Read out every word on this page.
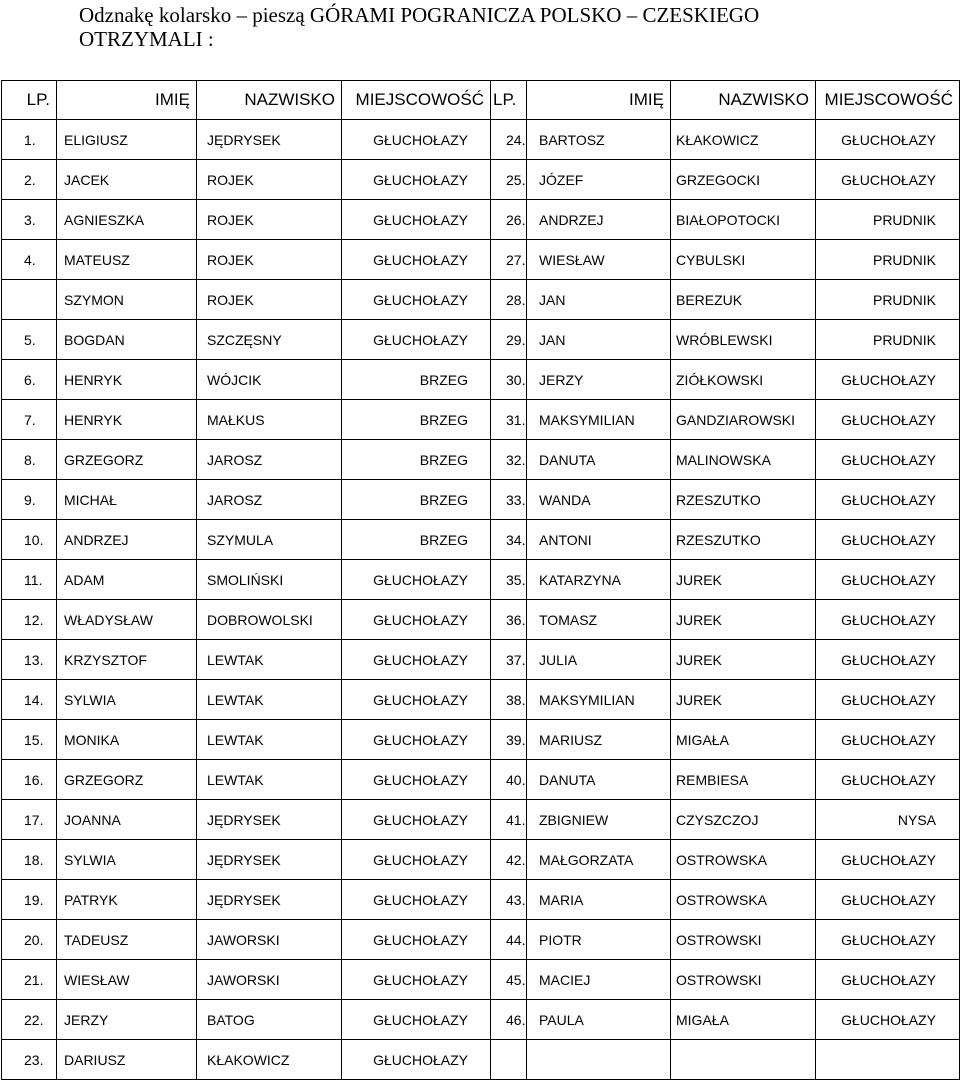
Odznakę kolarsko – pieszą GÓRAMI POGRANICZA POLSKO – CZESKIEGO
OTRZYMALI :
LP.	IMIĘ	NAZWISKO	MIEJSCOWOŚĆ	LP.	IMIĘ	NAZWISKO	MIEJSCOWOŚĆ
1.	ELIGIUSZ	JĘDRYSEK	GŁUCHOŁAZY	24.	BARTOSZ	KŁAKOWICZ	GŁUCHOŁAZY
2.	JACEK	ROJEK	GŁUCHOŁAZY	25.	JÓZEF	GRZEGOCKI	GŁUCHOŁAZY
3.	AGNIESZKA	ROJEK	GŁUCHOŁAZY	26.	ANDRZEJ	BIAŁOPOTOCKI	PRUDNIK
4.	MATEUSZ	ROJEK	GŁUCHOŁAZY	27.	WIESŁAW	CYBULSKI	PRUDNIK
	SZYMON	ROJEK	GŁUCHOŁAZY	28.	JAN	BEREZUK	PRUDNIK
5.	BOGDAN	SZCZĘSNY	GŁUCHOŁAZY	29.	JAN	WRÓBLEWSKI	PRUDNIK
6.	HENRYK	WÓJCIK	BRZEG	30.	JERZY	ZIÓŁKOWSKI	GŁUCHOŁAZY
7.	HENRYK	MAŁKUS	BRZEG	31.	MAKSYMILIAN	GANDZIAROWSKI	GŁUCHOŁAZY
8.	GRZEGORZ	JAROSZ	BRZEG	32.	DANUTA	MALINOWSKA	GŁUCHOŁAZY
9.	MICHAŁ	JAROSZ	BRZEG	33.	WANDA	RZESZUTKO	GŁUCHOŁAZY
10.	ANDRZEJ	SZYMULA	BRZEG	34.	ANTONI	RZESZUTKO	GŁUCHOŁAZY
11.	ADAM	SMOLIŃSKI	GŁUCHOŁAZY	35.	KATARZYNA	JUREK	GŁUCHOŁAZY
12.	WŁADYSŁAW	DOBROWOLSKI	GŁUCHOŁAZY	36.	TOMASZ	JUREK	GŁUCHOŁAZY
13.	KRZYSZTOF	LEWTAK	GŁUCHOŁAZY	37.	JULIA	JUREK	GŁUCHOŁAZY
14.	SYLWIA	LEWTAK	GŁUCHOŁAZY	38.	MAKSYMILIAN	JUREK	GŁUCHOŁAZY
15.	MONIKA	LEWTAK	GŁUCHOŁAZY	39.	MARIUSZ	MIGAŁA	GŁUCHOŁAZY
16.	GRZEGORZ	LEWTAK	GŁUCHOŁAZY	40.	DANUTA	REMBIESA	GŁUCHOŁAZY
17.	JOANNA	JĘDRYSEK	GŁUCHOŁAZY	41.	ZBIGNIEW	CZYSZCZOJ	NYSA
18.	SYLWIA	JĘDRYSEK	GŁUCHOŁAZY	42.	MAŁGORZATA	OSTROWSKA	GŁUCHOŁAZY
19.	PATRYK	JĘDRYSEK	GŁUCHOŁAZY	43.	MARIA	OSTROWSKA	GŁUCHOŁAZY
20.	TADEUSZ	JAWORSKI	GŁUCHOŁAZY	44.	PIOTR	OSTROWSKI	GŁUCHOŁAZY
21.	WIESŁAW	JAWORSKI	GŁUCHOŁAZY	45.	MACIEJ	OSTROWSKI	GŁUCHOŁAZY
22.	JERZY	BATOG	GŁUCHOŁAZY	46.	PAULA	MIGAŁA	GŁUCHOŁAZY
23.	DARIUSZ	KŁAKOWICZ	GŁUCHOŁAZY				
